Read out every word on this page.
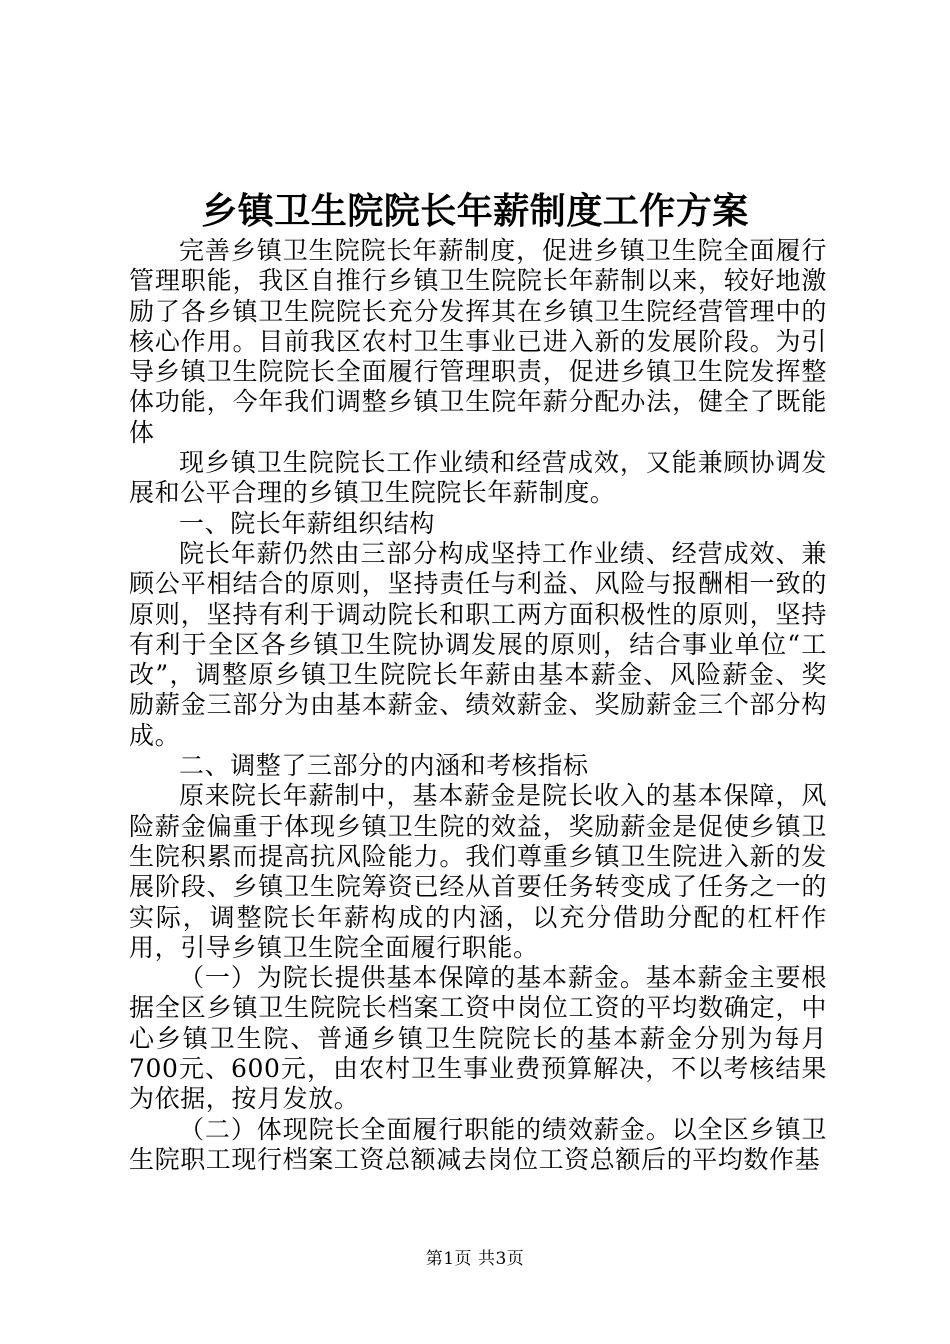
乡镇卫生院院长年薪制度工作方案

完善乡镇卫生院院长年薪制度，促进乡镇卫生院全面履行管理职能，我区自推行乡镇卫生院院长年薪制以来，较好地激励了各乡镇卫生院院长充分发挥其在乡镇卫生院经营管理中的核心作用。目前我区农村卫生事业已进入新的发展阶段。为引导乡镇卫生院院长全面履行管理职责，促进乡镇卫生院发挥整体功能，今年我们调整乡镇卫生院年薪分配办法，健全了既能体

现乡镇卫生院院长工作业绩和经营成效，又能兼顾协调发展和公平合理的乡镇卫生院院长年薪制度。

一、院长年薪组织结构

院长年薪仍然由三部分构成坚持工作业绩、经营成效、兼顾公平相结合的原则，坚持责任与利益、风险与报酬相一致的原则，坚持有利于调动院长和职工两方面积极性的原则，坚持有利于全区各乡镇卫生院协调发展的原则，结合事业单位“工改”，调整原乡镇卫生院院长年薪由基本薪金、风险薪金、奖励薪金三部分为由基本薪金、绩效薪金、奖励薪金三个部分构成。

二、调整了三部分的内涵和考核指标

原来院长年薪制中，基本薪金是院长收入的基本保障，风险薪金偏重于体现乡镇卫生院的效益，奖励薪金是促使乡镇卫生院积累而提高抗风险能力。我们尊重乡镇卫生院进入新的发展阶段、乡镇卫生院筹资已经从首要任务转变成了任务之一的实际，调整院长年薪构成的内涵，以充分借助分配的杠杆作用，引导乡镇卫生院全面履行职能。

（一）为院长提供基本保障的基本薪金。基本薪金主要根据全区乡镇卫生院院长档案工资中岗位工资的平均数确定，中心乡镇卫生院、普通乡镇卫生院院长的基本薪金分别为每月700元、600元，由农村卫生事业费预算解决，不以考核结果为依据，按月发放。

（二）体现院长全面履行职能的绩效薪金。以全区乡镇卫生院职工现行档案工资总额减去岗位工资总额后的平均数作基

第1页 共3页
